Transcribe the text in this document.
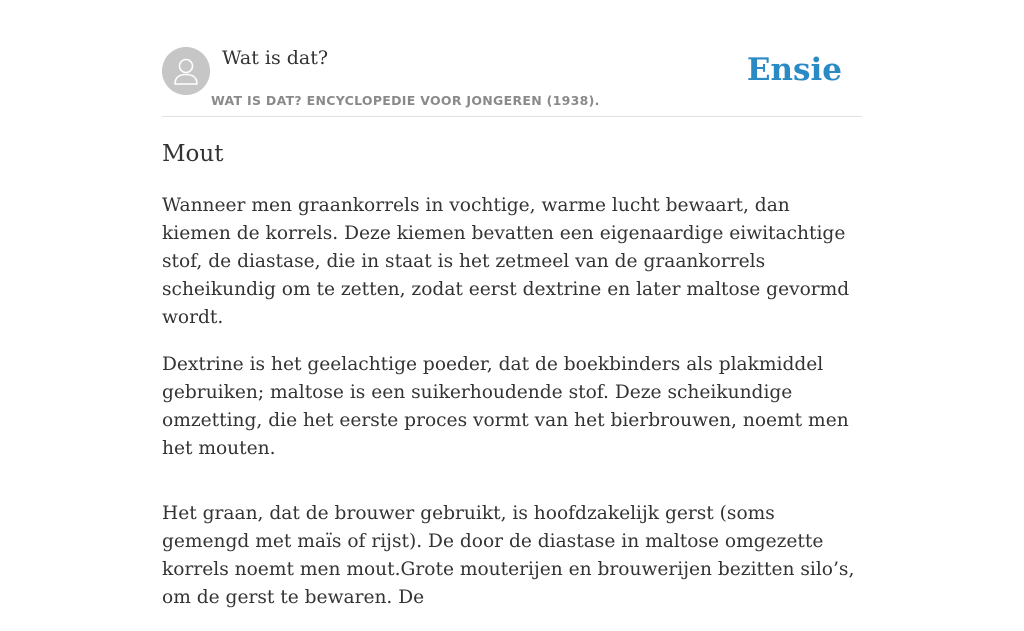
Wat is dat?
WAT IS DAT? ENCYCLOPEDIE VOOR JONGEREN (1938).
Ensie
Mout

Wanneer men graankorrels in vochtige, warme lucht bewaart, dan kiemen de korrels. Deze kiemen bevatten een eigenaardige eiwitachtige stof, de diastase, die in staat is het zetmeel van de graankorrels scheikundig om te zetten, zodat eerst dextrine en later maltose gevormd wordt.

Dextrine is het geelachtige poeder, dat de boekbinders als plakmiddel gebruiken; maltose is een suikerhoudende stof. Deze scheikundige omzetting, die het eerste proces vormt van het bierbrouwen, noemt men het mouten.

Het graan, dat de brouwer gebruikt, is hoofdzakelijk gerst (soms gemengd met maïs of rijst). De door de diastase in maltose omgezette korrels noemt men mout.Grote mouterijen en brouwerijen bezitten silo’s, om de gerst te bewaren. De
